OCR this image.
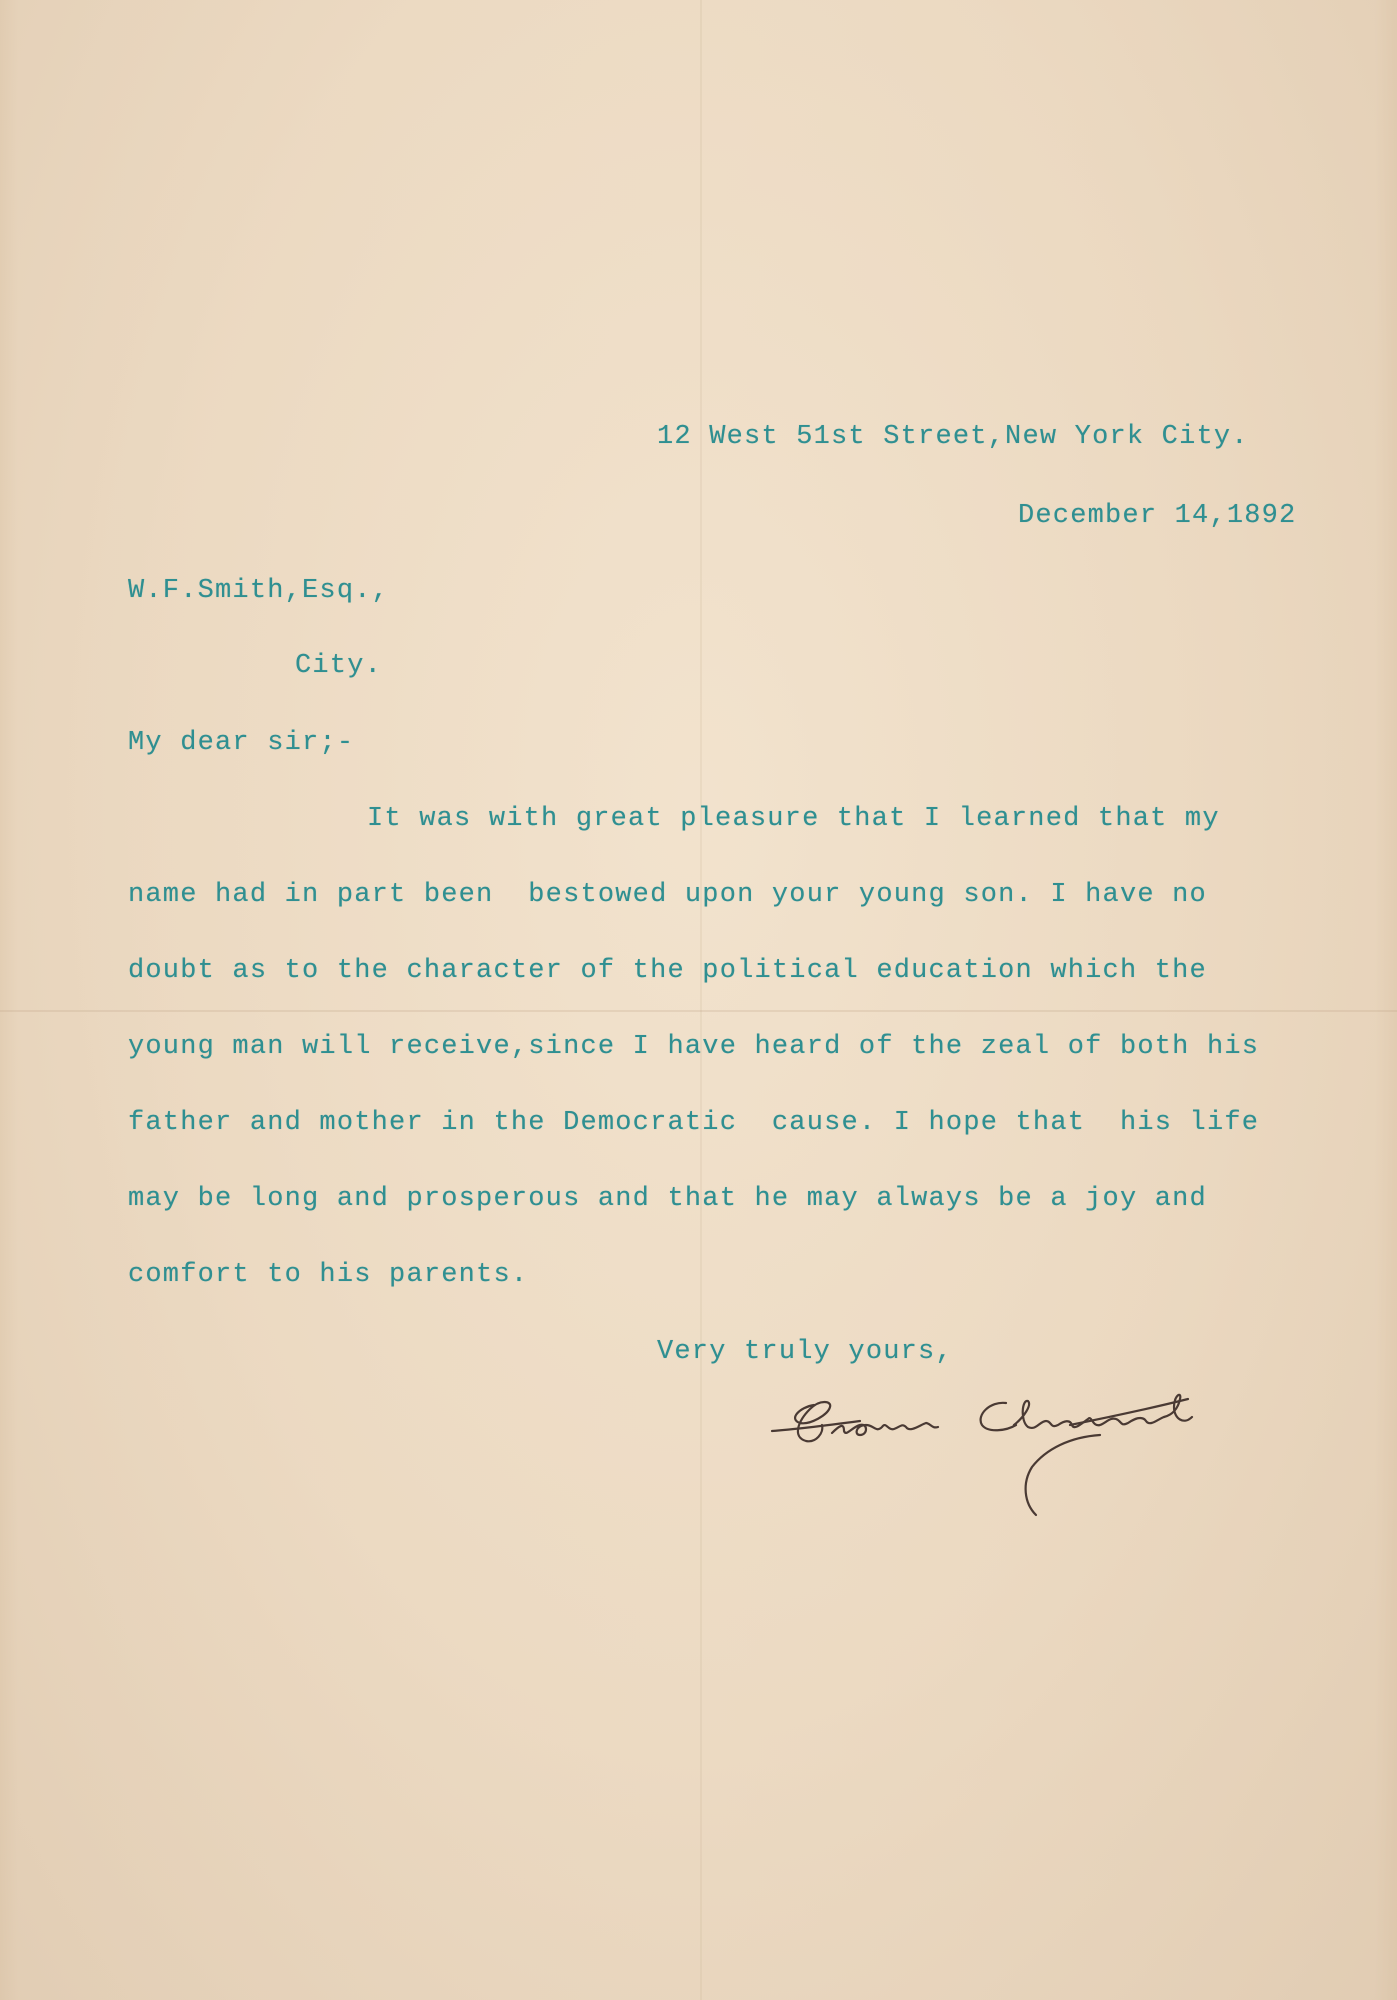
12 West 51st Street,New York City.
December 14,1892
W.F.Smith,Esq.,
City.
My dear sir;-
It was with great pleasure that I learned that my
name had in part been  bestowed upon your young son. I have no
doubt as to the character of the political education which the
young man will receive,since I have heard of the zeal of both his
father and mother in the Democratic  cause. I hope that  his life
may be long and prosperous and that he may always be a joy and
comfort to his parents.
Very truly yours,
